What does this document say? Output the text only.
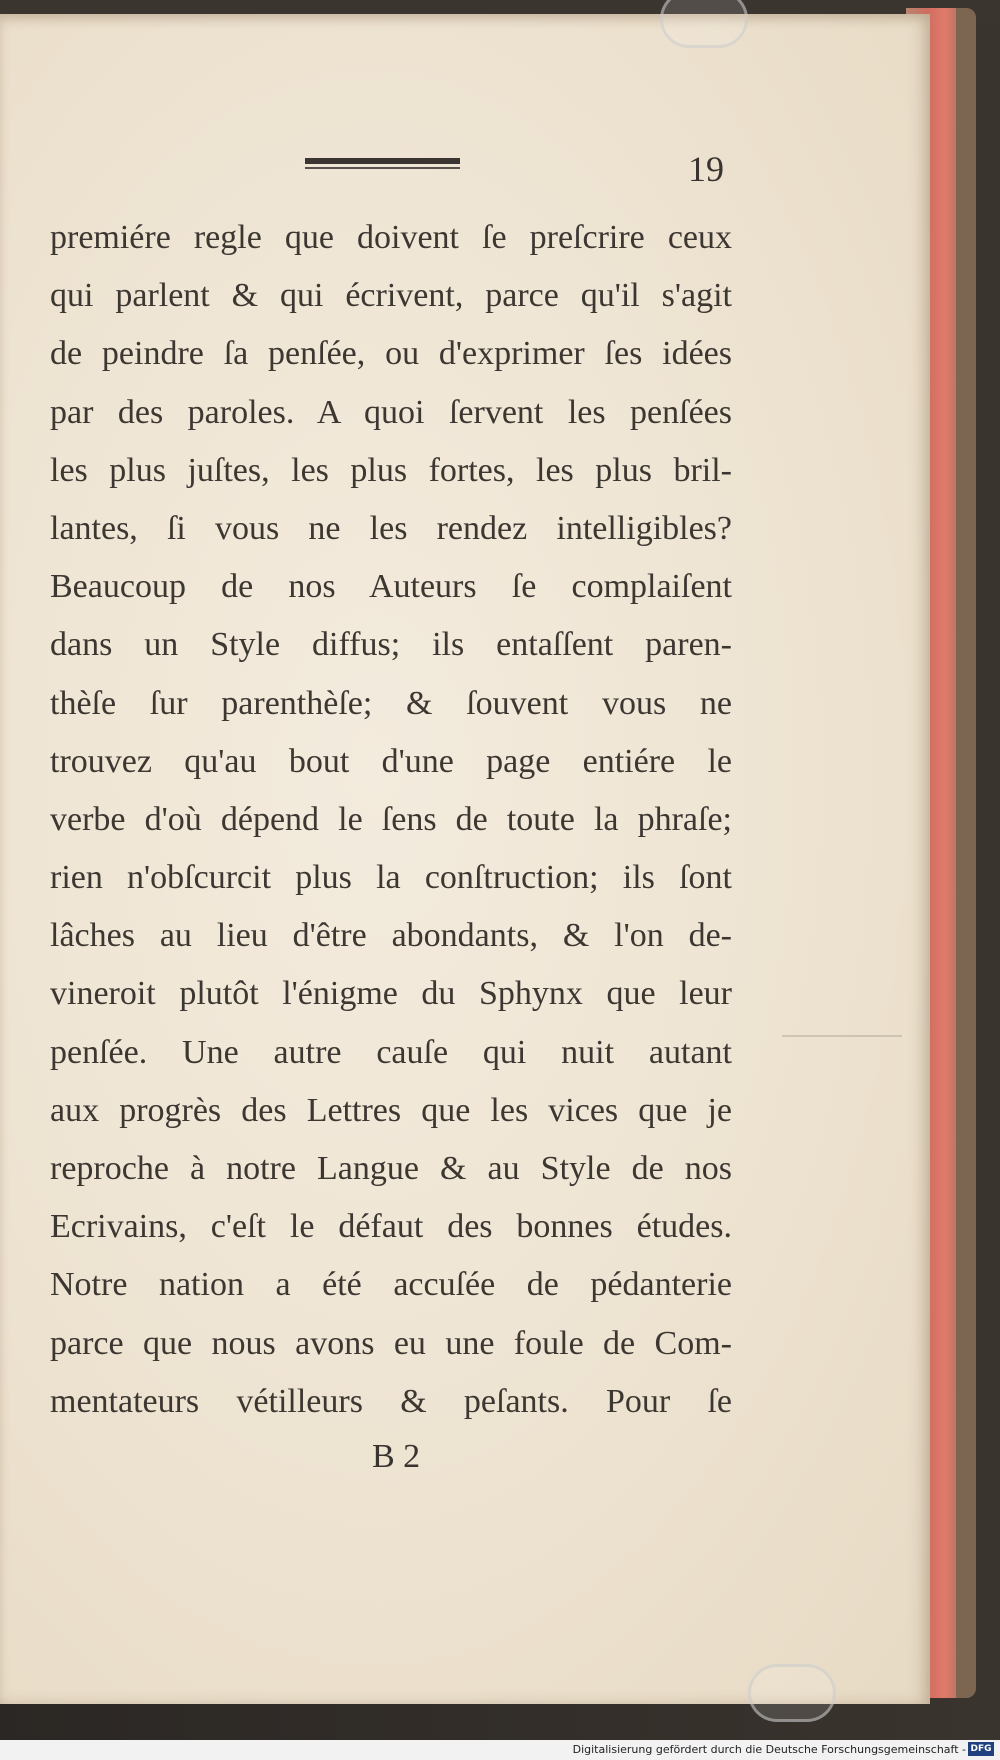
19
premiére regle que doivent ſe preſcrire ceux
qui parlent & qui écrivent, parce qu'il s'agit
de peindre ſa penſée, ou d'exprimer ſes idées
par des paroles. A quoi ſervent les penſées
les plus juſtes, les plus fortes, les plus bril-
lantes, ſi vous ne les rendez intelligibles?
Beaucoup de nos Auteurs ſe complaiſent
dans un Style diffus; ils entaſſent paren-
thèſe ſur parenthèſe; & ſouvent vous ne
trouvez qu'au bout d'une page entiére le
verbe d'où dépend le ſens de toute la phraſe;
rien n'obſcurcit plus la conſtruction; ils ſont
lâches au lieu d'être abondants, & l'on de-
vineroit plutôt l'énigme du Sphynx que leur
penſée. Une autre cauſe qui nuit autant
aux progrès des Lettres que les vices que je
reproche à notre Langue & au Style de nos
Ecrivains, c'eſt le défaut des bonnes études.
Notre nation a été accuſée de pédanterie
parce que nous avons eu une foule de Com-
mentateurs vétilleurs & peſants. Pour ſe
B 2
Digitalisierung gefördert durch die Deutsche Forschungsgemeinschaft - DFG
